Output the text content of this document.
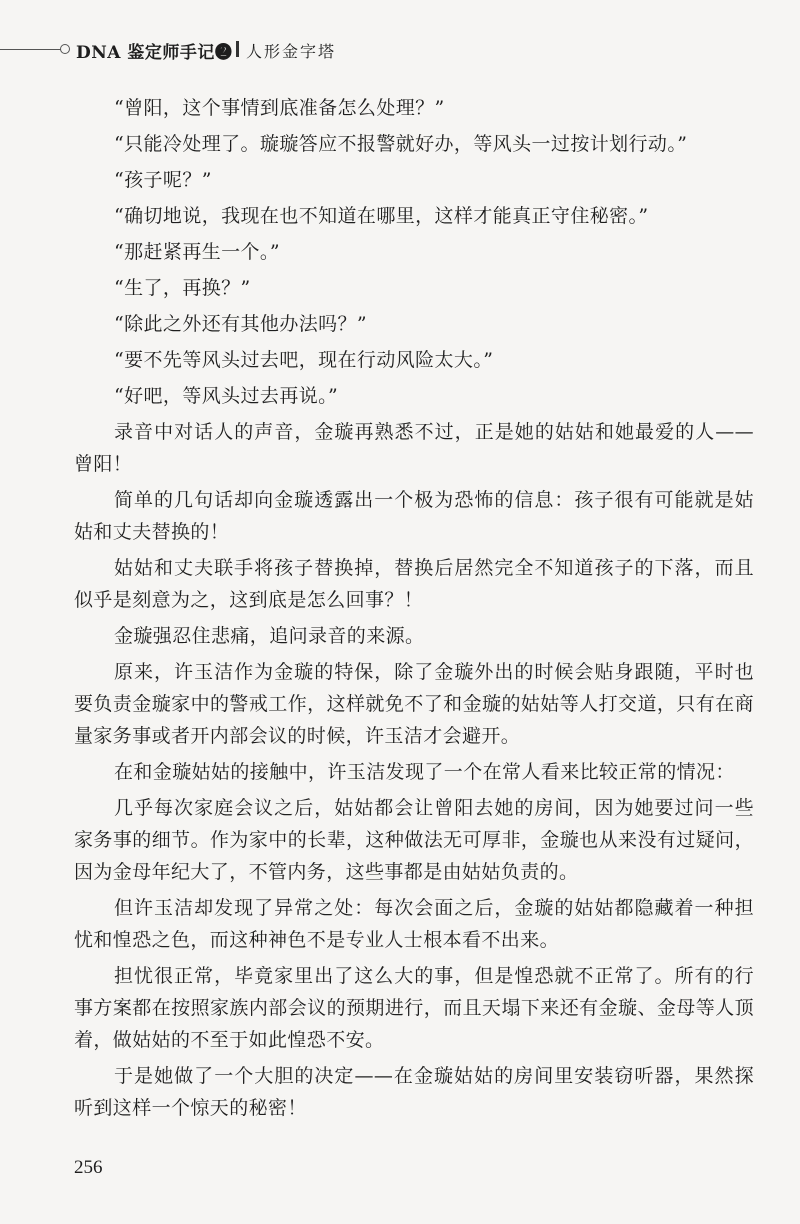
DNA 鉴定师手记❷ 人形金字塔

“曾阳，这个事情到底准备怎么处理？”

“只能冷处理了。璇璇答应不报警就好办，等风头一过按计划行动。”

“孩子呢？”

“确切地说，我现在也不知道在哪里，这样才能真正守住秘密。”

“那赶紧再生一个。”

“生了，再换？”

“除此之外还有其他办法吗？”

“要不先等风头过去吧，现在行动风险太大。”

“好吧，等风头过去再说。”

录音中对话人的声音，金璇再熟悉不过，正是她的姑姑和她最爱的人——曾阳！

简单的几句话却向金璇透露出一个极为恐怖的信息：孩子很有可能就是姑姑和丈夫替换的！

姑姑和丈夫联手将孩子替换掉，替换后居然完全不知道孩子的下落，而且似乎是刻意为之，这到底是怎么回事？！

金璇强忍住悲痛，追问录音的来源。

原来，许玉洁作为金璇的特保，除了金璇外出的时候会贴身跟随，平时也要负责金璇家中的警戒工作，这样就免不了和金璇的姑姑等人打交道，只有在商量家务事或者开内部会议的时候，许玉洁才会避开。

在和金璇姑姑的接触中，许玉洁发现了一个在常人看来比较正常的情况：

几乎每次家庭会议之后，姑姑都会让曾阳去她的房间，因为她要过问一些家务事的细节。作为家中的长辈，这种做法无可厚非，金璇也从来没有过疑问，因为金母年纪大了，不管内务，这些事都是由姑姑负责的。

但许玉洁却发现了异常之处：每次会面之后，金璇的姑姑都隐藏着一种担忧和惶恐之色，而这种神色不是专业人士根本看不出来。

担忧很正常，毕竟家里出了这么大的事，但是惶恐就不正常了。所有的行事方案都在按照家族内部会议的预期进行，而且天塌下来还有金璇、金母等人顶着，做姑姑的不至于如此惶恐不安。

于是她做了一个大胆的决定——在金璇姑姑的房间里安装窃听器，果然探听到这样一个惊天的秘密！

256
